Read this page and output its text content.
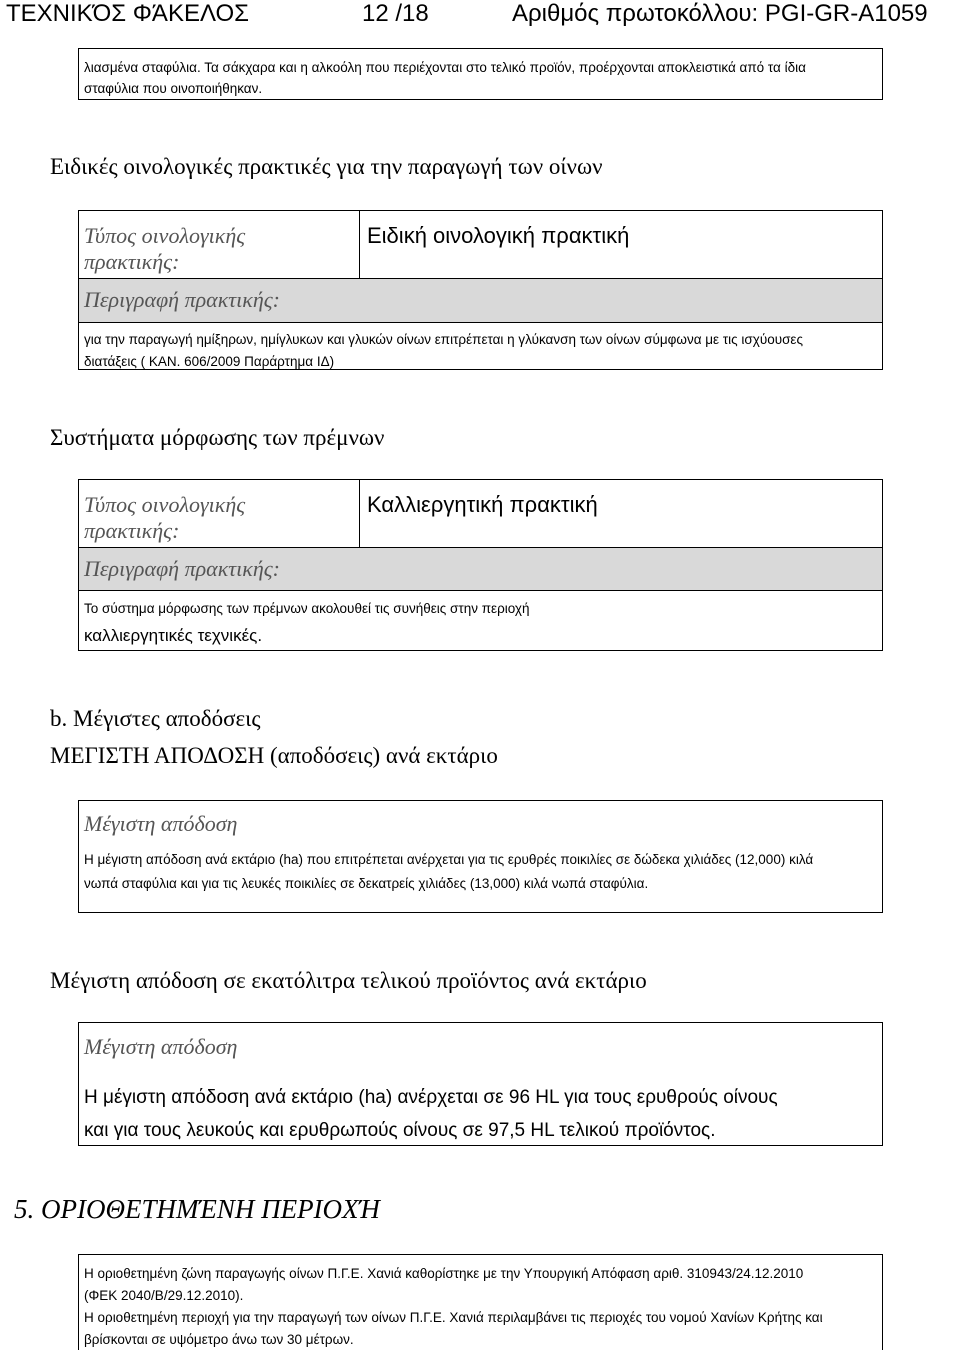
ΤΕΧΝΙΚΌΣ ΦΆΚΕΛΟΣ	12 /18	Αριθμός πρωτοκόλλου: PGI-GR-A1059
λιασμένα σταφύλια. Τα σάκχαρα και η αλκοόλη που περιέχονται στο τελικό προϊόν, προέρχονται αποκλειστικά από τα ίδια
σταφύλια που οινοποιήθηκαν.
Ειδικές οινολογικές πρακτικές για την παραγωγή των οίνων
Τύπος οινολογικής
πρακτικής:
Ειδική οινολογική πρακτική
Περιγραφή πρακτικής:
για την παραγωγή ημίξηρων, ημίγλυκων και γλυκών οίνων επιτρέπεται η γλύκανση των οίνων σύμφωνα με τις ισχύουσες
διατάξεις ( ΚΑΝ. 606/2009 Παράρτημα ΙΔ)
Συστήματα μόρφωσης των πρέμνων
Τύπος οινολογικής
πρακτικής:
Καλλιεργητική πρακτική
Περιγραφή πρακτικής:
Το σύστημα μόρφωσης των πρέμνων ακολουθεί τις συνήθεις στην περιοχή
καλλιεργητικές τεχνικές.
b. Μέγιστες αποδόσεις
ΜΕΓΙΣΤΗ ΑΠΟΔΟΣΗ (αποδόσεις) ανά εκτάριο
Μέγιστη απόδοση
Η μέγιστη απόδοση ανά εκτάριο (ha) που επιτρέπεται ανέρχεται για τις ερυθρές ποικιλίες σε δώδεκα χιλιάδες (12,000) κιλά
νωπά σταφύλια και για τις λευκές ποικιλίες σε δεκατρείς χιλιάδες (13,000) κιλά νωπά σταφύλια.
Μέγιστη απόδοση σε εκατόλιτρα τελικού προϊόντος ανά εκτάριο
Μέγιστη απόδοση
Η μέγιστη απόδοση ανά εκτάριο (ha) ανέρχεται σε 96 HL για τους ερυθρούς οίνους
και για τους λευκούς και ερυθρωπούς οίνους σε 97,5 HL τελικού προϊόντος.
5. ΟΡΙΟΘΕΤΗΜΈΝΗ ΠΕΡΙΟΧΉ
Η οριοθετημένη ζώνη παραγωγής οίνων Π.Γ.Ε. Χανιά καθορίστηκε με την Υπουργική Απόφαση αριθ. 310943/24.12.2010
(ΦΕΚ 2040/Β/29.12.2010).
Η οριοθετημένη περιοχή για την παραγωγή των οίνων Π.Γ.Ε. Χανιά περιλαμβάνει τις περιοχές του νομού Χανίων Κρήτης και
βρίσκονται σε υψόμετρο άνω των 30 μέτρων.
